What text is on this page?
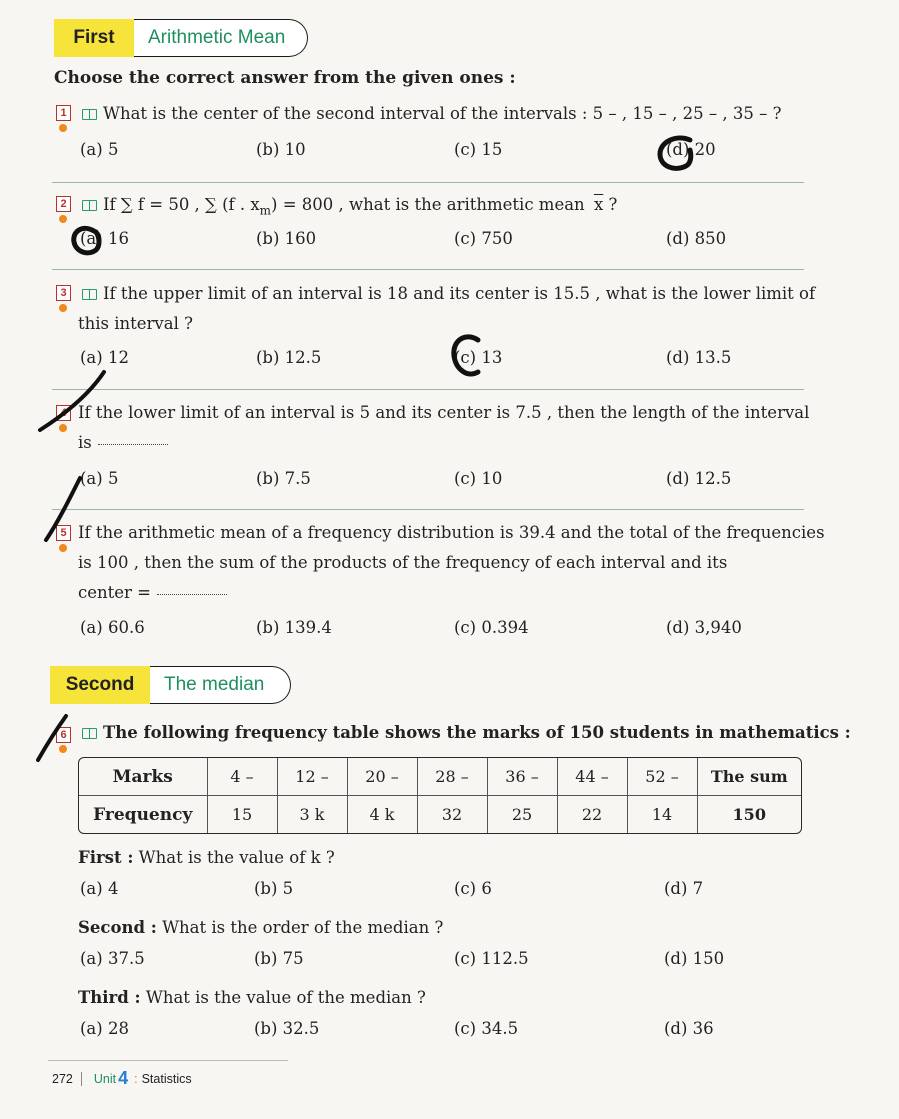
First	Arithmetic Mean
Choose the correct answer from the given ones :
1	What is the center of the second interval of the intervals : 5 – , 15 – , 25 – , 35 – ?
(a) 5	(b) 10	(c) 15	(d) 20
2	If ∑ f = 50 , ∑ (f . $x_m) = 800$ , what is the arithmetic mean $\overline{x}$ ?
(a) 16	(b) 160	(c) 750	(d) 850
3	If the upper limit of an interval is 18 and its center is 15.5 , what is the lower limit of
this interval ?
(a) 12	(b) 12.5	(c) 13	(d) 13.5
4 If the lower limit of an interval is 5 and its center is 7.5 , then the length of the interval
is
(a) 5	(b) 7.5	(c) 10	(d) 12.5
5 If the arithmetic mean of a frequency distribution is 39.4 and the total of the frequencies
is 100 , then the sum of the products of the frequency of each interval and its
center =
(a) 60.6	(b) 139.4	(c) 0.394	(d) 3,940
Second	The median
6	The following frequency table shows the marks of 150 students in mathematics :
Marks	4 –	12 –	20 –	28 –	36 –	44 –	52 –	The sum
Frequency	15	3 k	4 k	32	25	22	14	150
First : What is the value of k ?
(a) 4	(b) 5	(c) 6	(d) 7
Second : What is the order of the median ?
(a) 37.5	(b) 75	(c) 112.5	(d) 150
Third : What is the value of the median ?
(a) 28	(b) 32.5	(c) 34.5	(d) 36
272	Unit 4 : Statistics
